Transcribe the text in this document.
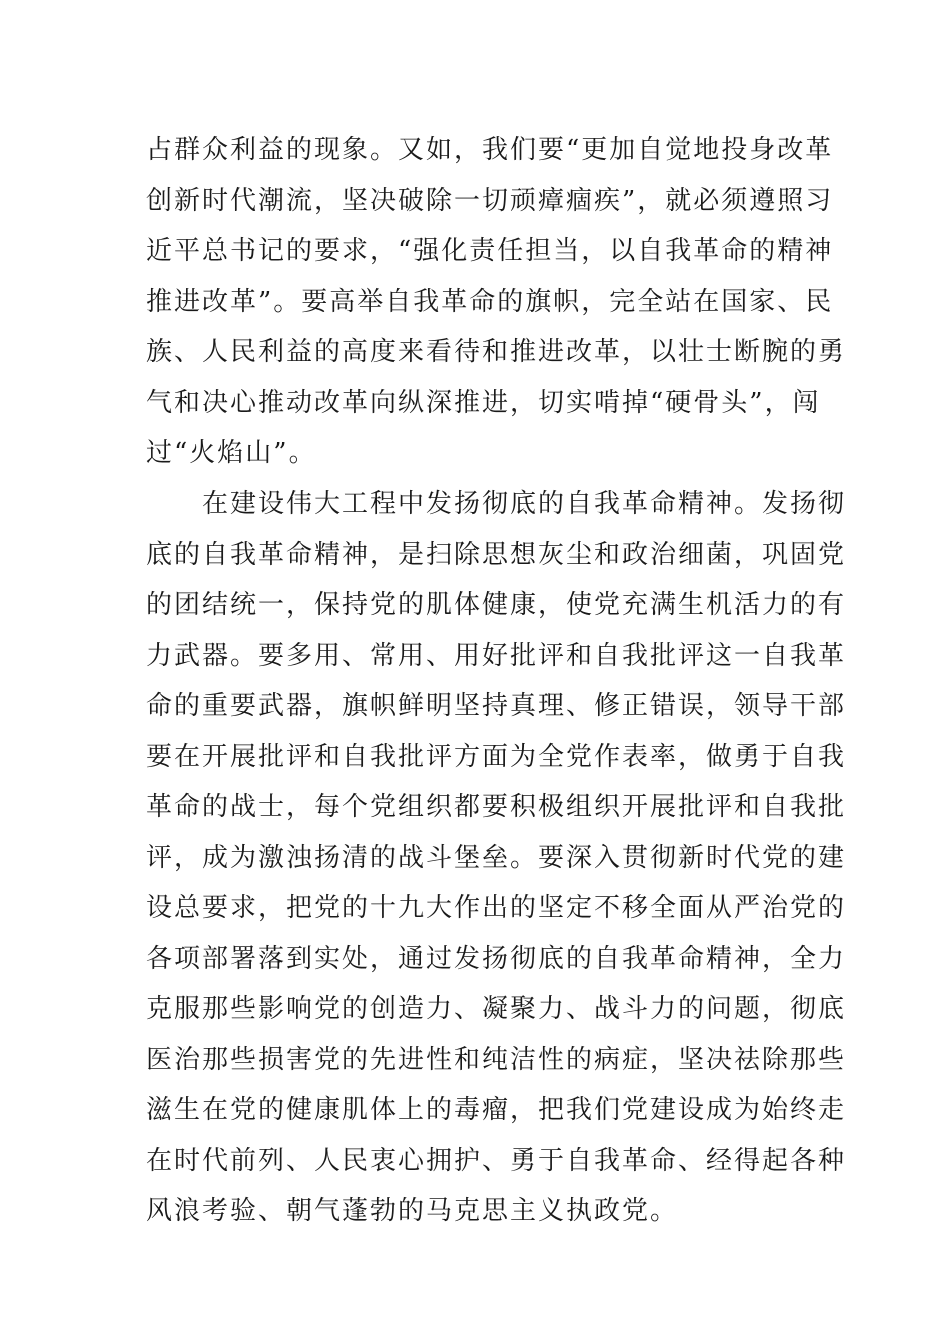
占群众利益的现象。又如，我们要“更加自觉地投身改革
创新时代潮流，坚决破除一切顽瘴痼疾”，就必须遵照习
近平总书记的要求，“强化责任担当，以自我革命的精神
推进改革”。要高举自我革命的旗帜，完全站在国家、民
族、人民利益的高度来看待和推进改革，以壮士断腕的勇
气和决心推动改革向纵深推进，切实啃掉“硬骨头”，闯
过“火焰山”。
在建设伟大工程中发扬彻底的自我革命精神。发扬彻
底的自我革命精神，是扫除思想灰尘和政治细菌，巩固党
的团结统一，保持党的肌体健康，使党充满生机活力的有
力武器。要多用、常用、用好批评和自我批评这一自我革
命的重要武器，旗帜鲜明坚持真理、修正错误，领导干部
要在开展批评和自我批评方面为全党作表率，做勇于自我
革命的战士，每个党组织都要积极组织开展批评和自我批
评，成为激浊扬清的战斗堡垒。要深入贯彻新时代党的建
设总要求，把党的十九大作出的坚定不移全面从严治党的
各项部署落到实处，通过发扬彻底的自我革命精神，全力
克服那些影响党的创造力、凝聚力、战斗力的问题，彻底
医治那些损害党的先进性和纯洁性的病症，坚决祛除那些
滋生在党的健康肌体上的毒瘤，把我们党建设成为始终走
在时代前列、人民衷心拥护、勇于自我革命、经得起各种
风浪考验、朝气蓬勃的马克思主义执政党。
